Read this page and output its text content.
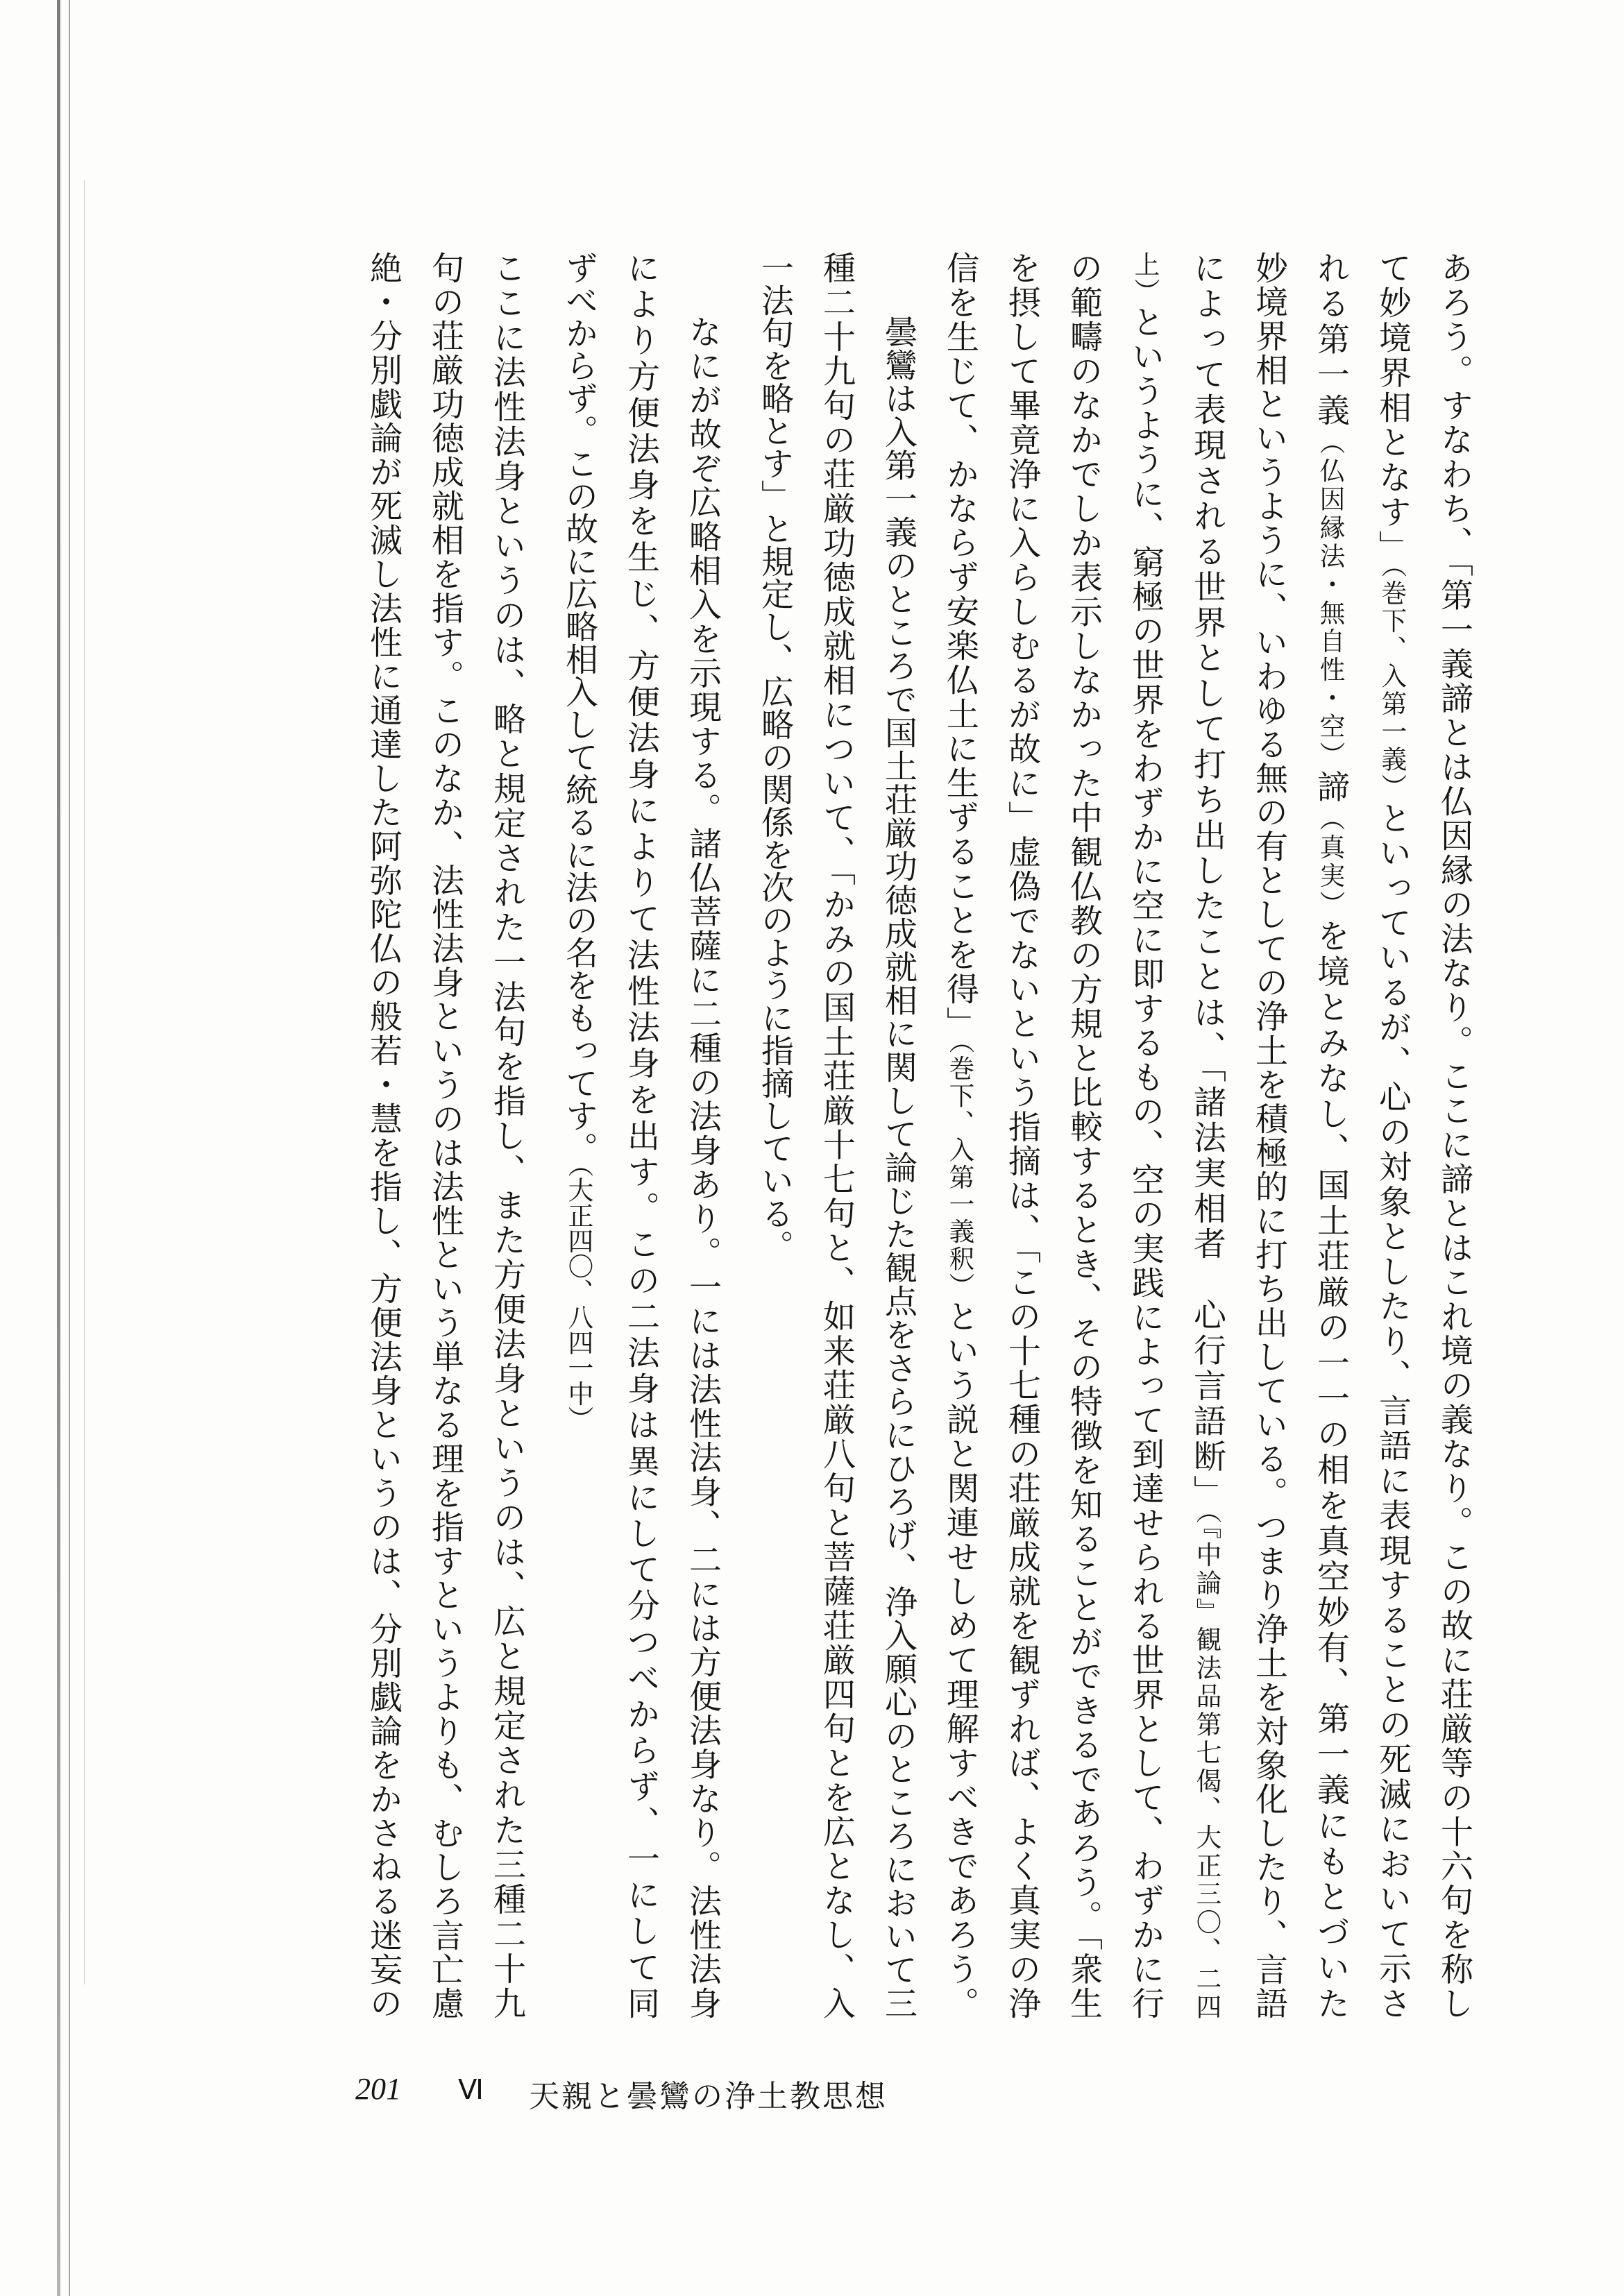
あろう。すなわち、「第一義諦とは仏因縁の法なり。ここに諦とはこれ境の義なり。この故に荘厳等の十六句を称し
て妙境界相となす」（巻下、入第一義）といっているが、心の対象としたり、言語に表現することの死滅において示さ
れる第一義（仏因縁法・無自性・空）諦（真実）を境とみなし、国土荘厳の一一の相を真空妙有、第一義にもとづいた
妙境界相というように、いわゆる無の有としての浄土を積極的に打ち出している。つまり浄土を対象化したり、言語
によって表現される世界として打ち出したことは、「諸法実相者　心行言語断」（『中論』観法品第七偈、大正三〇、二四
上）というように、窮極の世界をわずかに空に即するもの、空の実践によって到達せられる世界として、わずかに行
の範疇のなかでしか表示しなかった中観仏教の方規と比較するとき、その特徴を知ることができるであろう。「衆生
を摂して畢竟浄に入らしむるが故に」虚偽でないという指摘は、「この十七種の荘厳成就を観ずれば、よく真実の浄
信を生じて、かならず安楽仏土に生ずることを得」（巻下、入第一義釈）という説と関連せしめて理解すべきであろう。
曇鸞は入第一義のところで国土荘厳功徳成就相に関して論じた観点をさらにひろげ、浄入願心のところにおいて三
種二十九句の荘厳功徳成就相について、「かみの国土荘厳十七句と、如来荘厳八句と菩薩荘厳四句とを広となし、入
一法句を略とす」と規定し、広略の関係を次のように指摘している。
なにが故ぞ広略相入を示現する。諸仏菩薩に二種の法身あり。一には法性法身、二には方便法身なり。法性法身
により方便法身を生じ、方便法身によりて法性法身を出す。この二法身は異にして分つべからず、一にして同
ずべからず。この故に広略相入して統るに法の名をもってす。（大正四〇、八四一中）
ここに法性法身というのは、略と規定された一法句を指し、また方便法身というのは、広と規定された三種二十九
句の荘厳功徳成就相を指す。このなか、法性法身というのは法性という単なる理を指すというよりも、むしろ言亡慮
絶・分別戯論が死滅し法性に通達した阿弥陀仏の般若・慧を指し、方便法身というのは、分別戯論をかさねる迷妄の
201 Ⅵ 天親と曇鸞の浄土教思想
